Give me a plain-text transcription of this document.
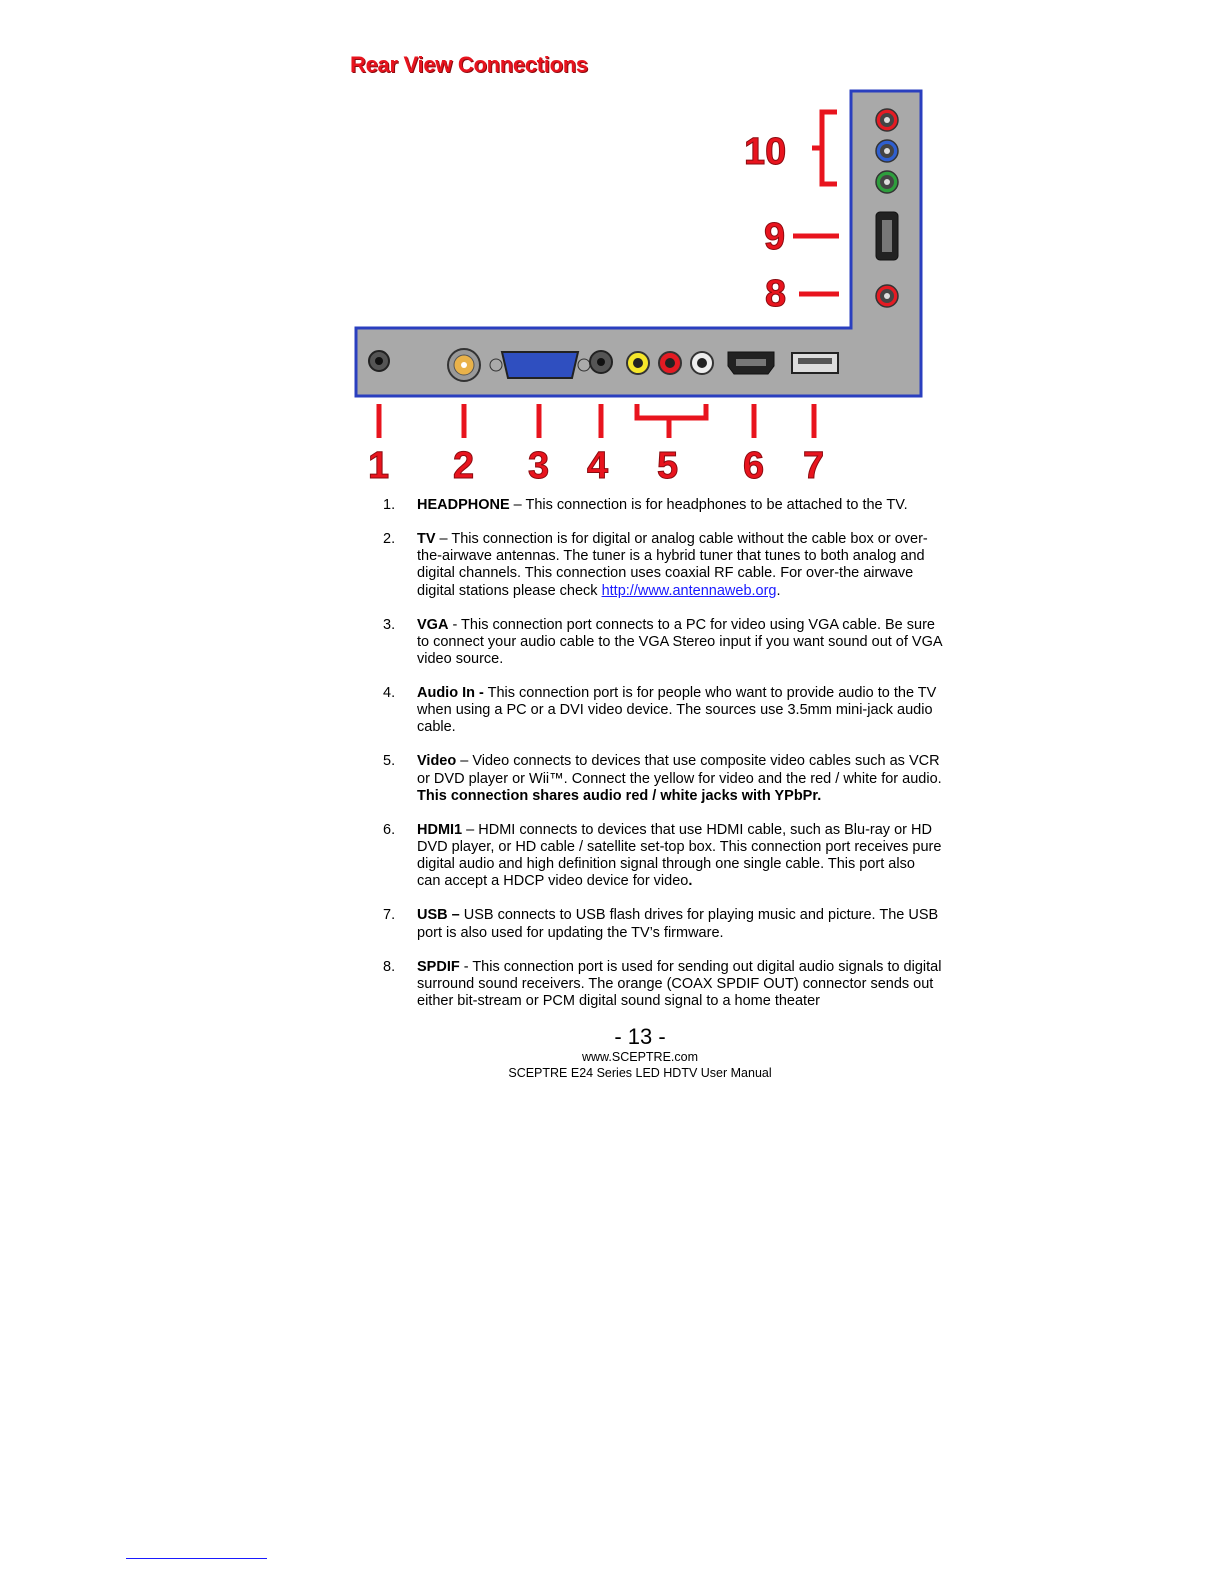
Rear View Connections
10
9
8
1 2 3 4 5 6 7
1. HEADPHONE – This connection is for headphones to be attached to the TV.
2. TV – This connection is for digital or analog cable without the cable box or over-the-airwave antennas. The tuner is a hybrid tuner that tunes to both analog and digital channels. This connection uses coaxial RF cable. For over-the airwave digital stations please check http://www.antennaweb.org.
3. VGA - This connection port connects to a PC for video using VGA cable. Be sure to connect your audio cable to the VGA Stereo input if you want sound out of VGA video source.
4. Audio In - This connection port is for people who want to provide audio to the TV when using a PC or a DVI video device. The sources use 3.5mm mini-jack audio cable.
5. Video – Video connects to devices that use composite video cables such as VCR or DVD player or Wii™. Connect the yellow for video and the red / white for audio. This connection shares audio red / white jacks with YPbPr.
6. HDMI1 – HDMI connects to devices that use HDMI cable, such as Blu-ray or HD DVD player, or HD cable / satellite set-top box. This connection port receives pure digital audio and high definition signal through one single cable. This port also can accept a HDCP video device for video.
7. USB – USB connects to USB flash drives for playing music and picture. The USB port is also used for updating the TV’s firmware.
8. SPDIF - This connection port is used for sending out digital audio signals to digital surround sound receivers. The orange (COAX SPDIF OUT) connector sends out either bit-stream or PCM digital sound signal to a home theater
- 13 -
www.SCEPTRE.com
SCEPTRE E24 Series LED HDTV User Manual
